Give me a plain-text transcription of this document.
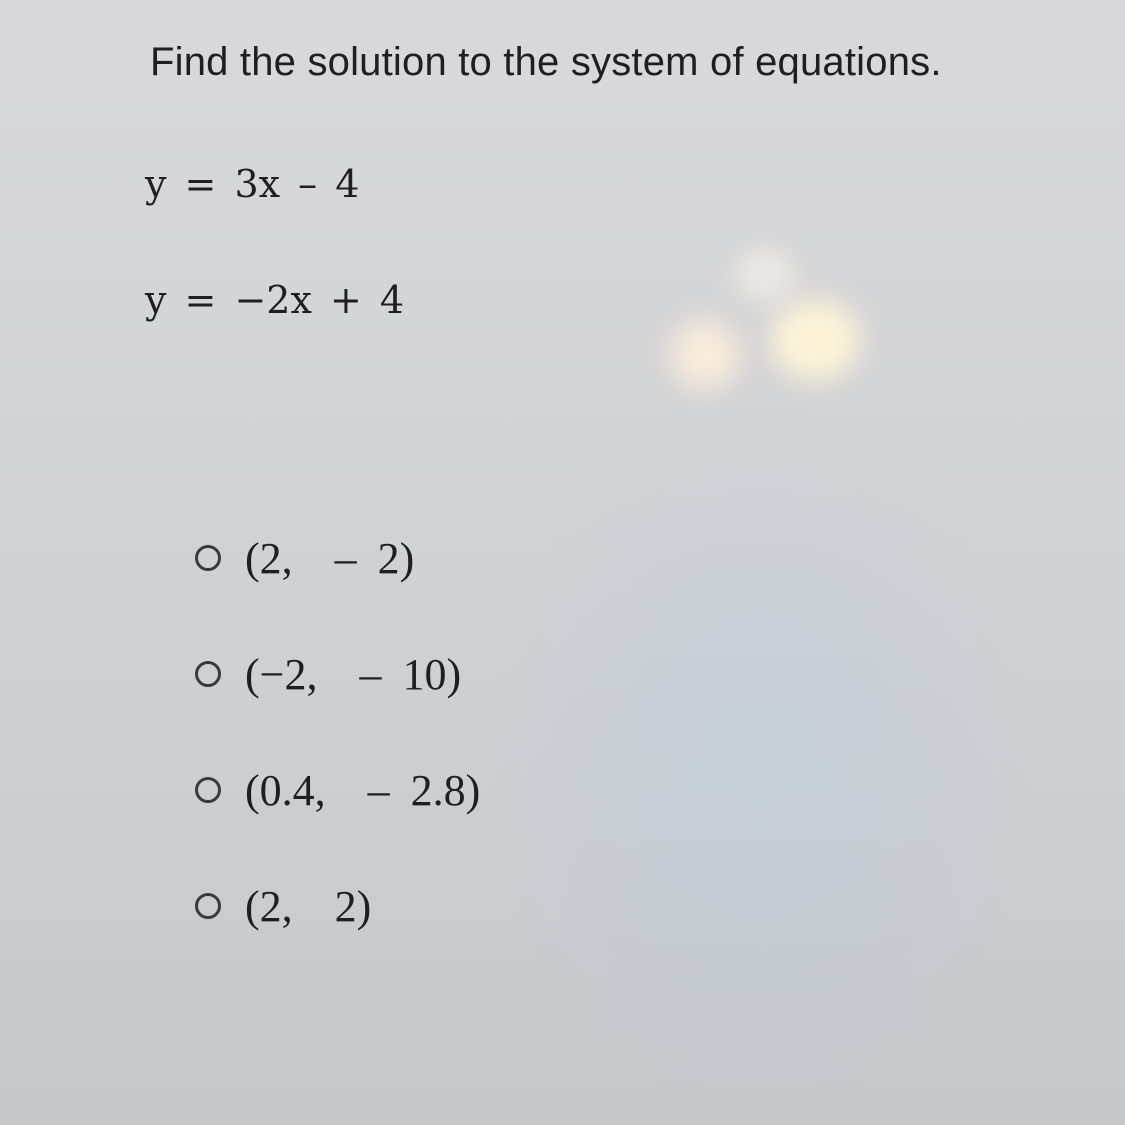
Find the solution to the system of equations.
y = 3x – 4
y = −2x + 4
(2,  – 2)
(−2,  – 10)
(0.4,  – 2.8)
(2,  2)
